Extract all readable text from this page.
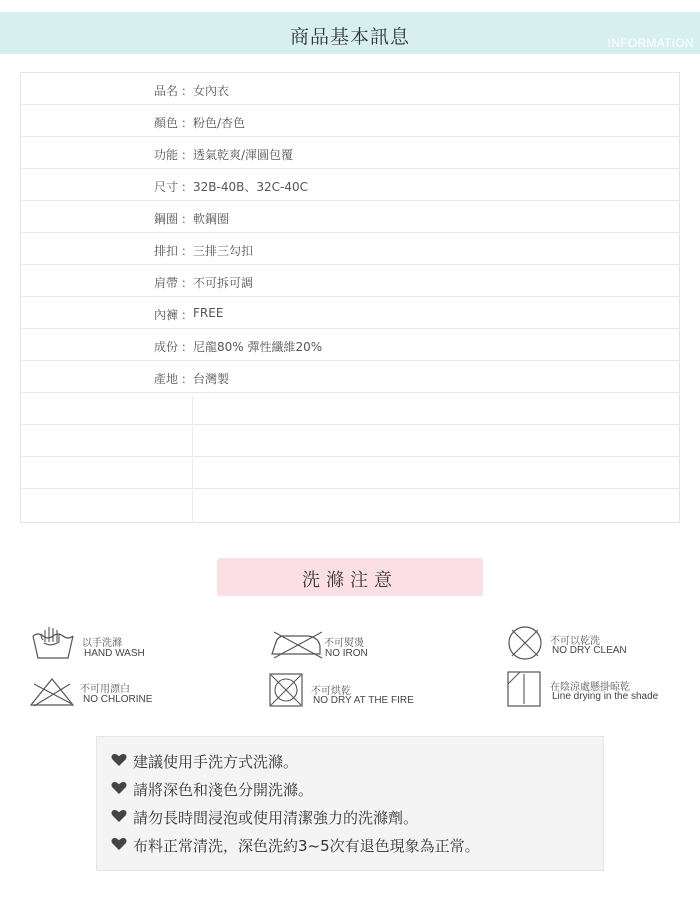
商品基本訊息	INFORMATION
品名 ： 女內衣
顏色 ： 粉色/杏色
功能 ： 透氣乾爽/渾圓包覆
尺寸 ： 32B-40B、32C-40C
鋼圈 ： 軟鋼圈
排扣 ： 三排三勾扣
肩帶 ： 不可拆可調
內褲 ： FREE
成份 ： 尼龍80% 彈性纖維20%
產地 ： 台灣製
洗滌注意
以手洗滌
HAND WASH
不可熨燙
NO IRON
不可以乾洗
NO DRY CLEAN
不可用漂白
NO CHLORINE
不可烘乾
NO DRY AT THE FIRE
在陰涼處懸掛晾乾
Line drying in the shade
建議使用手洗方式洗滌。
請將深色和淺色分開洗滌。
請勿長時間浸泡或使用清潔強力的洗滌劑。
布料正常清洗，深色洗約3~5次有退色現象為正常。
